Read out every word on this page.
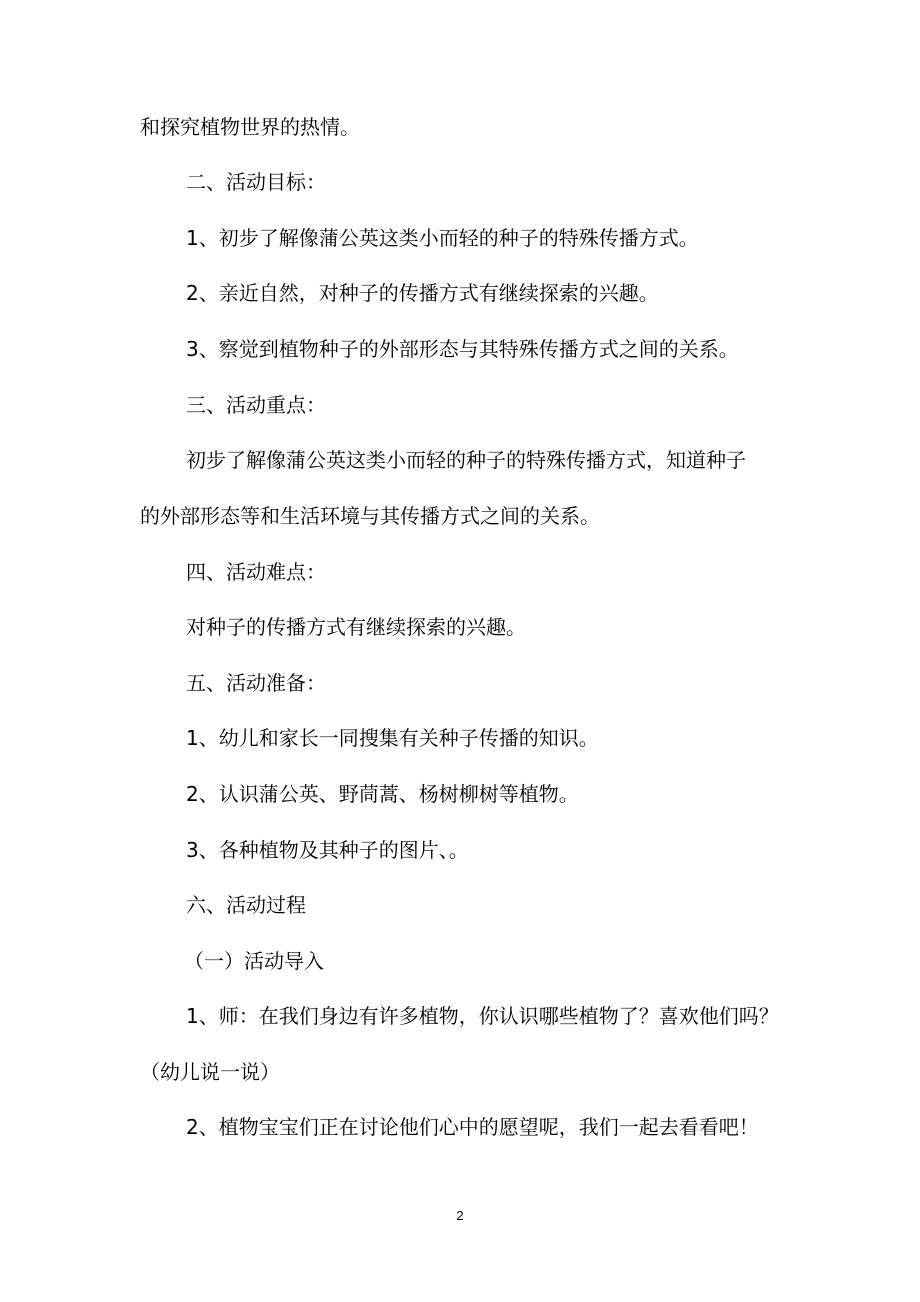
和探究植物世界的热情。
二、活动目标：
1、初步了解像蒲公英这类小而轻的种子的特殊传播方式。
2、亲近自然，对种子的传播方式有继续探索的兴趣。
3、察觉到植物种子的外部形态与其特殊传播方式之间的关系。
三、活动重点：
初步了解像蒲公英这类小而轻的种子的特殊传播方式，知道种子
的外部形态等和生活环境与其传播方式之间的关系。
四、活动难点：
对种子的传播方式有继续探索的兴趣。
五、活动准备：
1、幼儿和家长一同搜集有关种子传播的知识。
2、认识蒲公英、野茼蒿、杨树柳树等植物。
3、各种植物及其种子的图片、。
六、活动过程
（一）活动导入
1、师：在我们身边有许多植物，你认识哪些植物了？喜欢他们吗？
（幼儿说一说）
2、植物宝宝们正在讨论他们心中的愿望呢，我们一起去看看吧！
2
